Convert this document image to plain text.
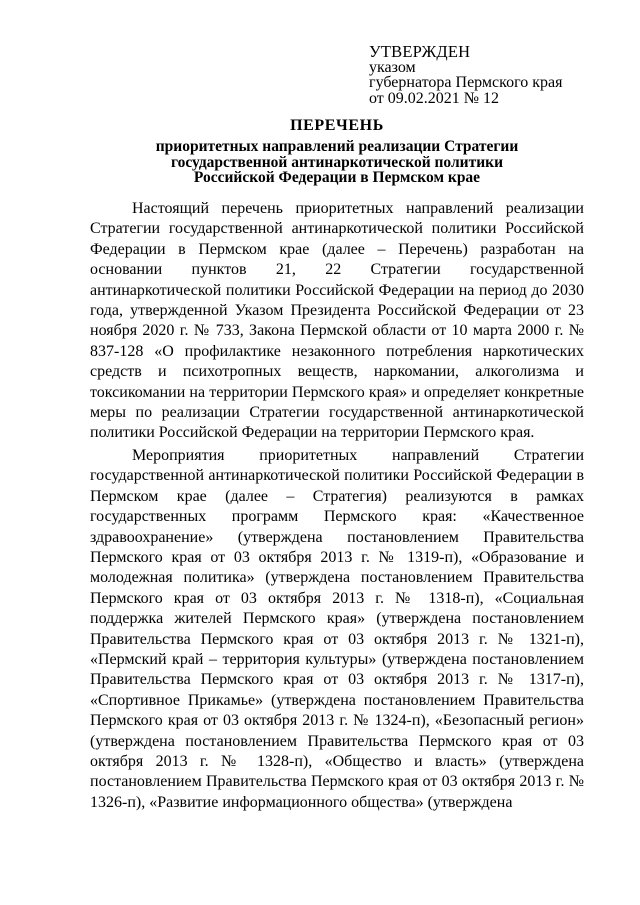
УТВЕРЖДЕН
указом
губернатора Пермского края
от 09.02.2021 № 12
ПЕРЕЧЕНЬ
приоритетных направлений реализации Стратегии
государственной антинаркотической политики
Российской Федерации в Пермском крае

Настоящий перечень приоритетных направлений реализации Стратегии государственной антинаркотической политики Российской Федерации в Пермском крае (далее – Перечень) разработан на основании пунктов 21, 22 Стратегии государственной антинаркотической политики Российской Федерации на период до 2030 года, утвержденной Указом Президента Российской Федерации от 23 ноября 2020 г. № 733, Закона Пермской области от 10 марта 2000 г. № 837-128 «О профилактике незаконного потребления наркотических средств и психотропных веществ, наркомании, алкоголизма и токсикомании на территории Пермского края» и определяет конкретные меры по реализации Стратегии государственной антинаркотической политики Российской Федерации на территории Пермского края.

Мероприятия приоритетных направлений Стратегии государственной антинаркотической политики Российской Федерации в Пермском крае (далее – Стратегия) реализуются в рамках государственных программ Пермского края: «Качественное здравоохранение» (утверждена постановлением Правительства Пермского края от 03 октября 2013 г. № 1319-п), «Образование и молодежная политика» (утверждена постановлением Правительства Пермского края от 03 октября 2013 г. № 1318-п), «Социальная поддержка жителей Пермского края» (утверждена постановлением Правительства Пермского края от 03 октября 2013 г. № 1321-п), «Пермский край – территория культуры» (утверждена постановлением Правительства Пермского края от 03 октября 2013 г. № 1317-п), «Спортивное Прикамье» (утверждена постановлением Правительства Пермского края от 03 октября 2013 г. № 1324-п), «Безопасный регион» (утверждена постановлением Правительства Пермского края от 03 октября 2013 г. № 1328-п), «Общество и власть» (утверждена постановлением Правительства Пермского края от 03 октября 2013 г. № 1326-п), «Развитие информационного общества» (утверждена
